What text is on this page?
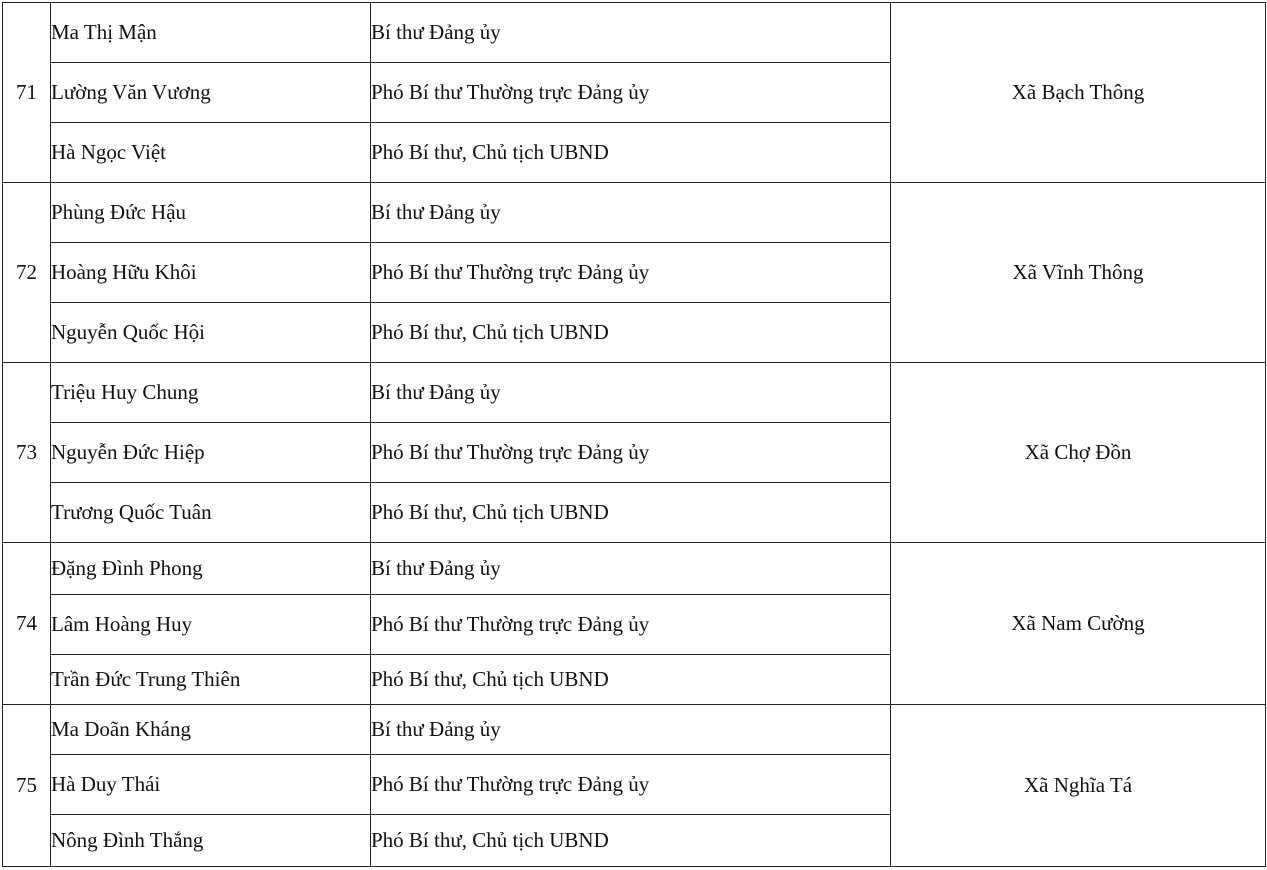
71	Ma Thị Mận	Bí thư Đảng ủy	Xã Bạch Thông
	Lường Văn Vương	Phó Bí thư Thường trực Đảng ủy	
	Hà Ngọc Việt	Phó Bí thư, Chủ tịch UBND	
72	Phùng Đức Hậu	Bí thư Đảng ủy	Xã Vĩnh Thông
	Hoàng Hữu Khôi	Phó Bí thư Thường trực Đảng ủy	
	Nguyễn Quốc Hội	Phó Bí thư, Chủ tịch UBND	
73	Triệu Huy Chung	Bí thư Đảng ủy	Xã Chợ Đồn
	Nguyễn Đức Hiệp	Phó Bí thư Thường trực Đảng ủy	
	Trương Quốc Tuân	Phó Bí thư, Chủ tịch UBND	
74	Đặng Đình Phong	Bí thư Đảng ủy	Xã Nam Cường
	Lâm Hoàng Huy	Phó Bí thư Thường trực Đảng ủy	
	Trần Đức Trung Thiên	Phó Bí thư, Chủ tịch UBND	
75	Ma Doãn Kháng	Bí thư Đảng ủy	Xã Nghĩa Tá
	Hà Duy Thái	Phó Bí thư Thường trực Đảng ủy	
	Nông Đình Thắng	Phó Bí thư, Chủ tịch UBND	
